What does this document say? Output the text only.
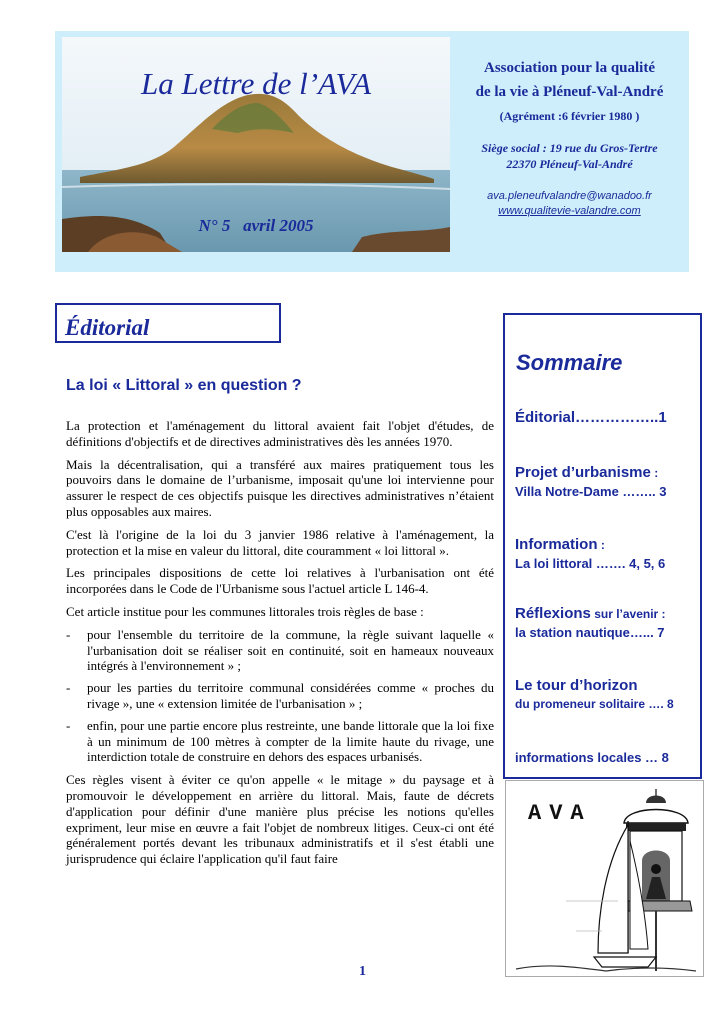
La Lettre de l’AVA
N° 5   avril 2005
Association pour la qualité
de la vie à Pléneuf-Val-André
(Agrément :6 février 1980 )
Siège social : 19 rue du Gros-Tertre
22370 Pléneuf-Val-André
ava.pleneufvalandre@wanadoo.fr
www.qualitevie-valandre.com
Éditorial
La loi « Littoral » en question ?

La protection et l'aménagement du littoral avaient fait l'objet d'études, de définitions d'objectifs et de directives administratives dès les années 1970.

Mais la décentralisation, qui a transféré aux maires pratiquement tous les pouvoirs dans le domaine de l’urbanisme, imposait qu'une loi intervienne pour assurer le respect de ces objectifs puisque les directives administratives n’étaient plus opposables aux maires.

C'est là l'origine de la loi du 3 janvier 1986 relative à l'aménagement, la protection et la mise en valeur du littoral, dite couramment « loi littoral ».

Les principales dispositions de cette loi relatives à l'urbanisation ont été incorporées dans le Code de l'Urbanisme sous l'actuel article L 146-4.

Cet article institue pour les communes littorales trois règles de base :

- pour l'ensemble du territoire de la commune, la règle suivant laquelle « l'urbanisation doit se réaliser soit en continuité, soit en hameaux nouveaux intégrés à l'environnement » ;
- pour les parties du territoire communal considérées comme « proches du rivage », une « extension limitée de l'urbanisation » ;
- enfin, pour une partie encore plus restreinte, une bande littorale que la loi fixe à un minimum de 100 mètres à compter de la limite haute du rivage, une interdiction totale de construire en dehors des espaces urbanisés.

Ces règles visent à éviter ce qu'on appelle « le mitage » du paysage et à promouvoir le développement en arrière du littoral. Mais, faute de décrets d'application pour définir d'une manière plus précise les notions qu'elles expriment, leur mise en œuvre a fait l'objet de nombreux litiges. Ceux-ci ont été généralement portés devant les tribunaux administratifs et il s'est établi une jurisprudence qui éclaire l'application qu'il faut faire

1
Sommaire
Éditorial……………..1
Projet d’urbanisme :
Villa Notre-Dame …….. 3
Information :
La loi littoral ……. 4, 5, 6
Réflexions sur l’avenir :
la station nautique…... 7
Le tour d’horizon
du promeneur solitaire …. 8
informations locales … 8
AVA
